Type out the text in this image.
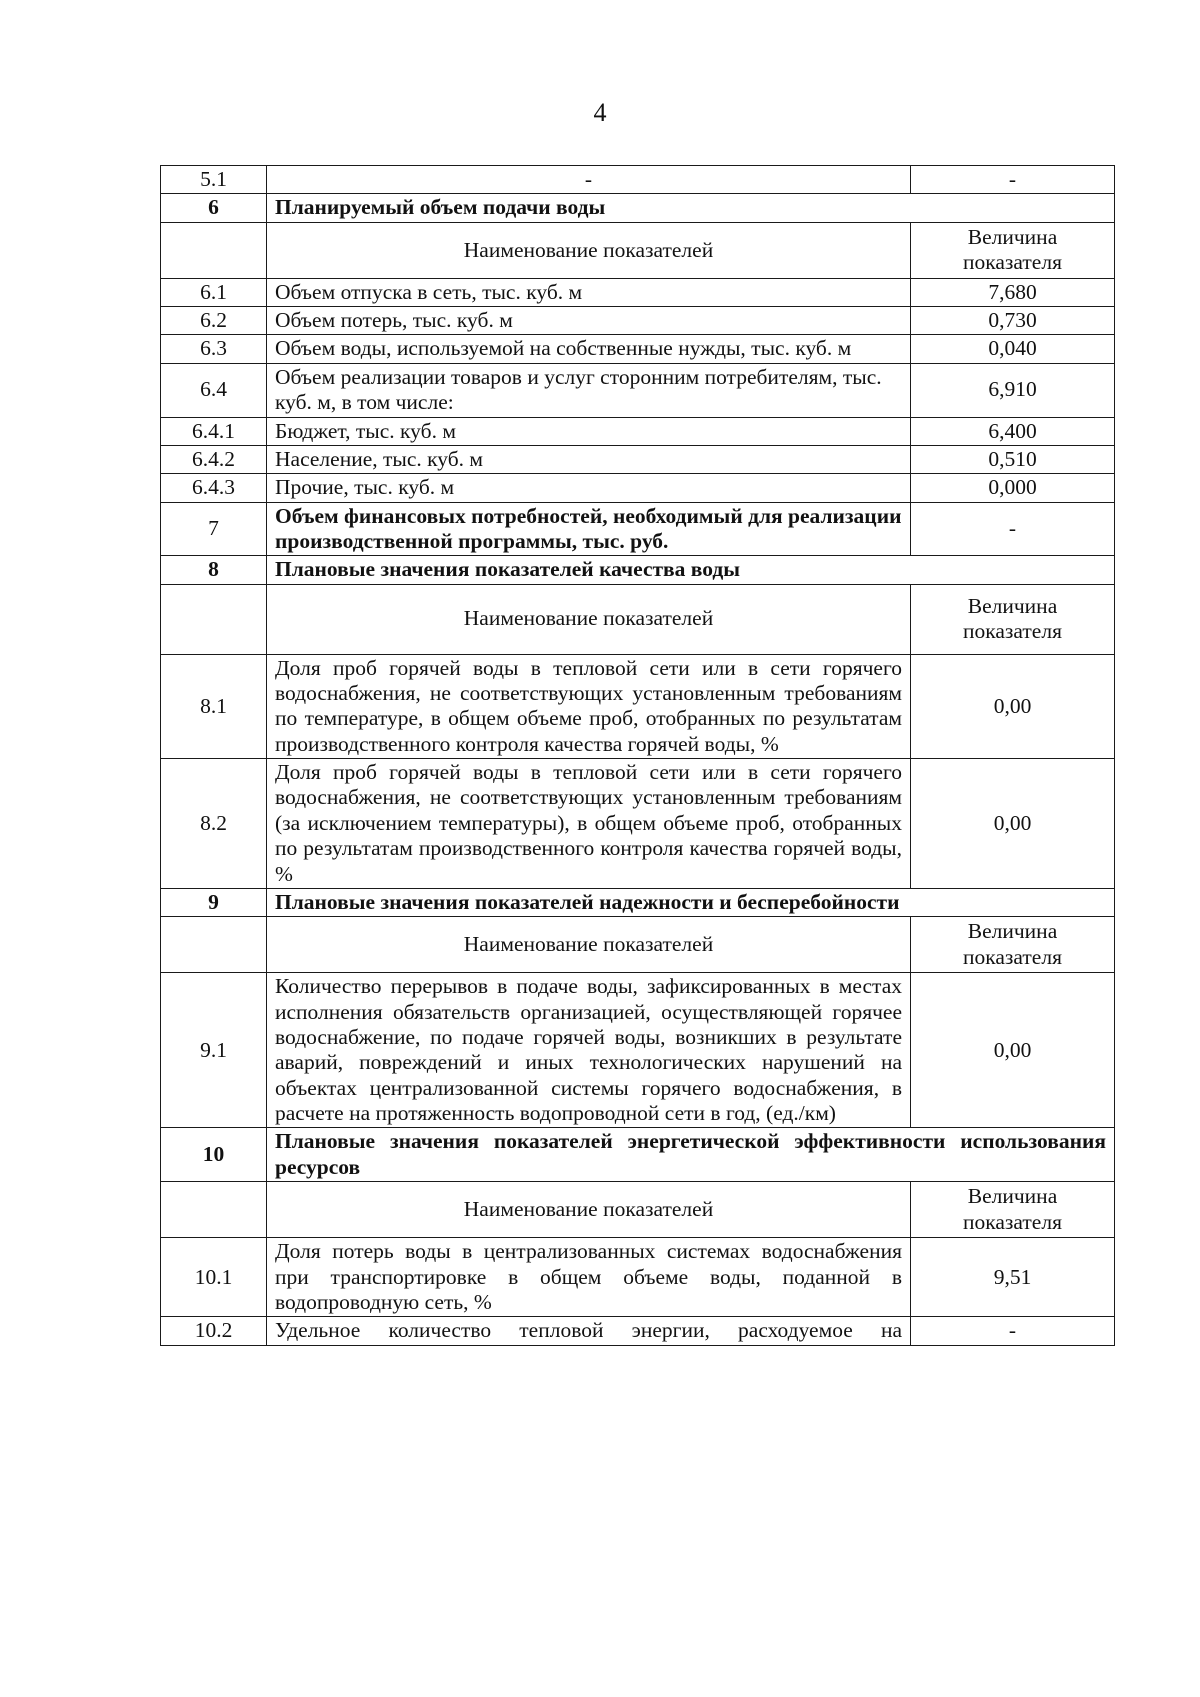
4
5.1	-	-
6	Планируемый объем подачи воды	
	Наименование показателей	Величина показателя
6.1	Объем отпуска в сеть, тыс. куб. м	7,680
6.2	Объем потерь, тыс. куб. м	0,730
6.3	Объем воды, используемой на собственные нужды, тыс. куб. м	0,040
6.4	Объем реализации товаров и услуг сторонним потребителям, тыс. куб. м, в том числе:	6,910
6.4.1	Бюджет, тыс. куб. м	6,400
6.4.2	Население, тыс. куб. м	0,510
6.4.3	Прочие, тыс. куб. м	0,000
7	Объем финансовых потребностей, необходимый для реализации производственной программы, тыс. руб.	-
8	Плановые значения показателей качества воды	
	Наименование показателей	Величина показателя
8.1	Доля проб горячей воды в тепловой сети или в сети горячего водоснабжения, не соответствующих установленным требованиям по температуре, в общем объеме проб, отобранных по результатам производственного контроля качества горячей воды, %	0,00
8.2	Доля проб горячей воды в тепловой сети или в сети горячего водоснабжения, не соответствующих установленным требованиям (за исключением температуры), в общем объеме проб, отобранных по результатам производственного контроля качества горячей воды, %	0,00
9	Плановые значения показателей надежности и бесперебойности	
	Наименование показателей	Величина показателя
9.1	Количество перерывов в подаче воды, зафиксированных в местах исполнения обязательств организацией, осуществляющей горячее водоснабжение, по подаче горячей воды, возникших в результате аварий, повреждений и иных технологических нарушений на объектах централизованной системы горячего водоснабжения, в расчете на протяженность водопроводной сети в год, (ед./км)	0,00
10	Плановые значения показателей энергетической эффективности использования ресурсов	
	Наименование показателей	Величина показателя
10.1	Доля потерь воды в централизованных системах водоснабжения при транспортировке в общем объеме воды, поданной в водопроводную сеть, %	9,51
10.2	Удельное количество тепловой энергии, расходуемое на	-
